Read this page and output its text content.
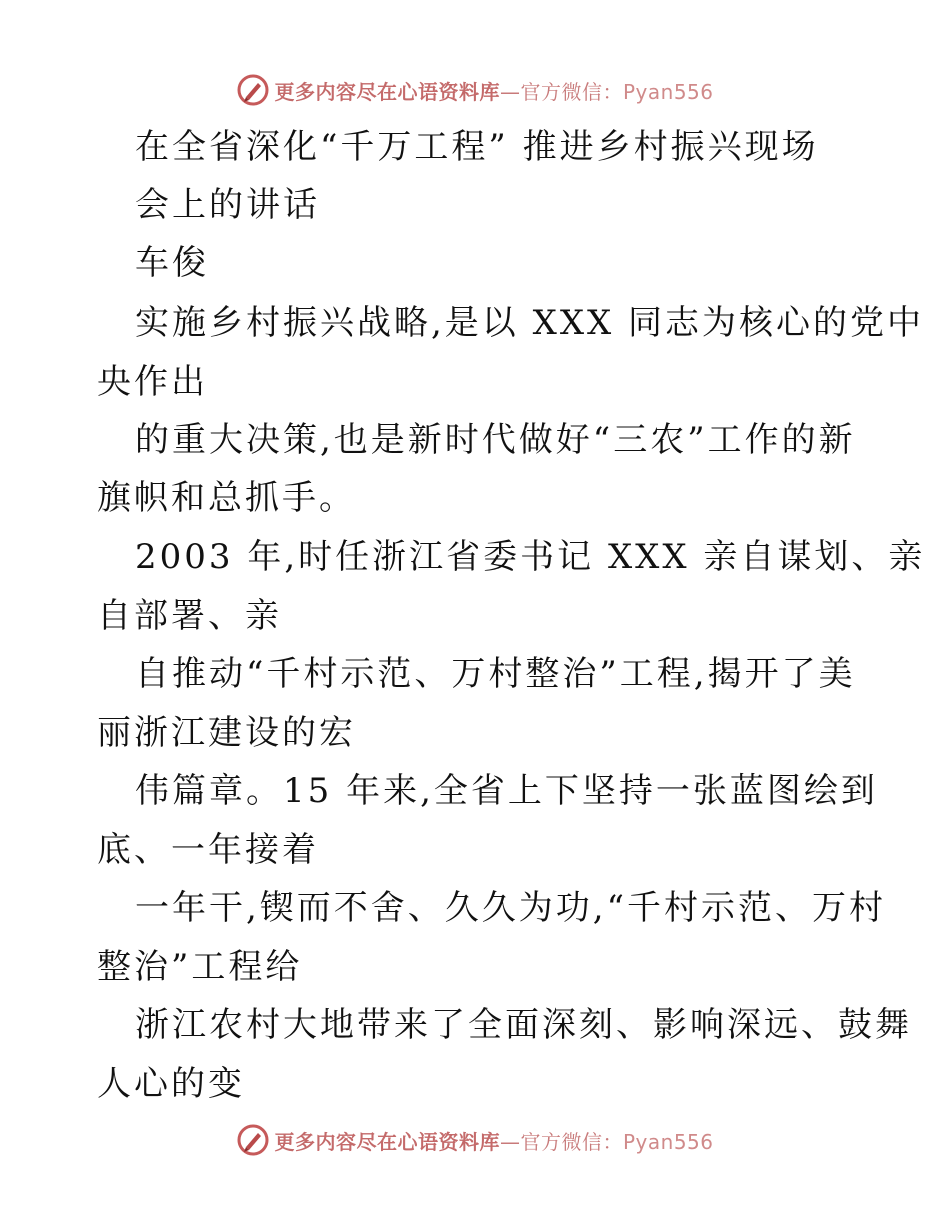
更多内容尽在心语资料库—官方微信：Pyan556
在全省深化“千万工程” 推进乡村振兴现场
会上的讲话
车俊
实施乡村振兴战略,是以 XXX 同志为核心的党中
央作出
的重大决策,也是新时代做好“三农”工作的新
旗帜和总抓手。
2003 年,时任浙江省委书记 XXX 亲自谋划、亲
自部署、亲
自推动“千村示范、万村整治”工程,揭开了美
丽浙江建设的宏
伟篇章。15 年来,全省上下坚持一张蓝图绘到
底、一年接着
一年干,锲而不舍、久久为功,“千村示范、万村
整治”工程给
浙江农村大地带来了全面深刻、影响深远、鼓舞
人心的变
更多内容尽在心语资料库—官方微信：Pyan556
